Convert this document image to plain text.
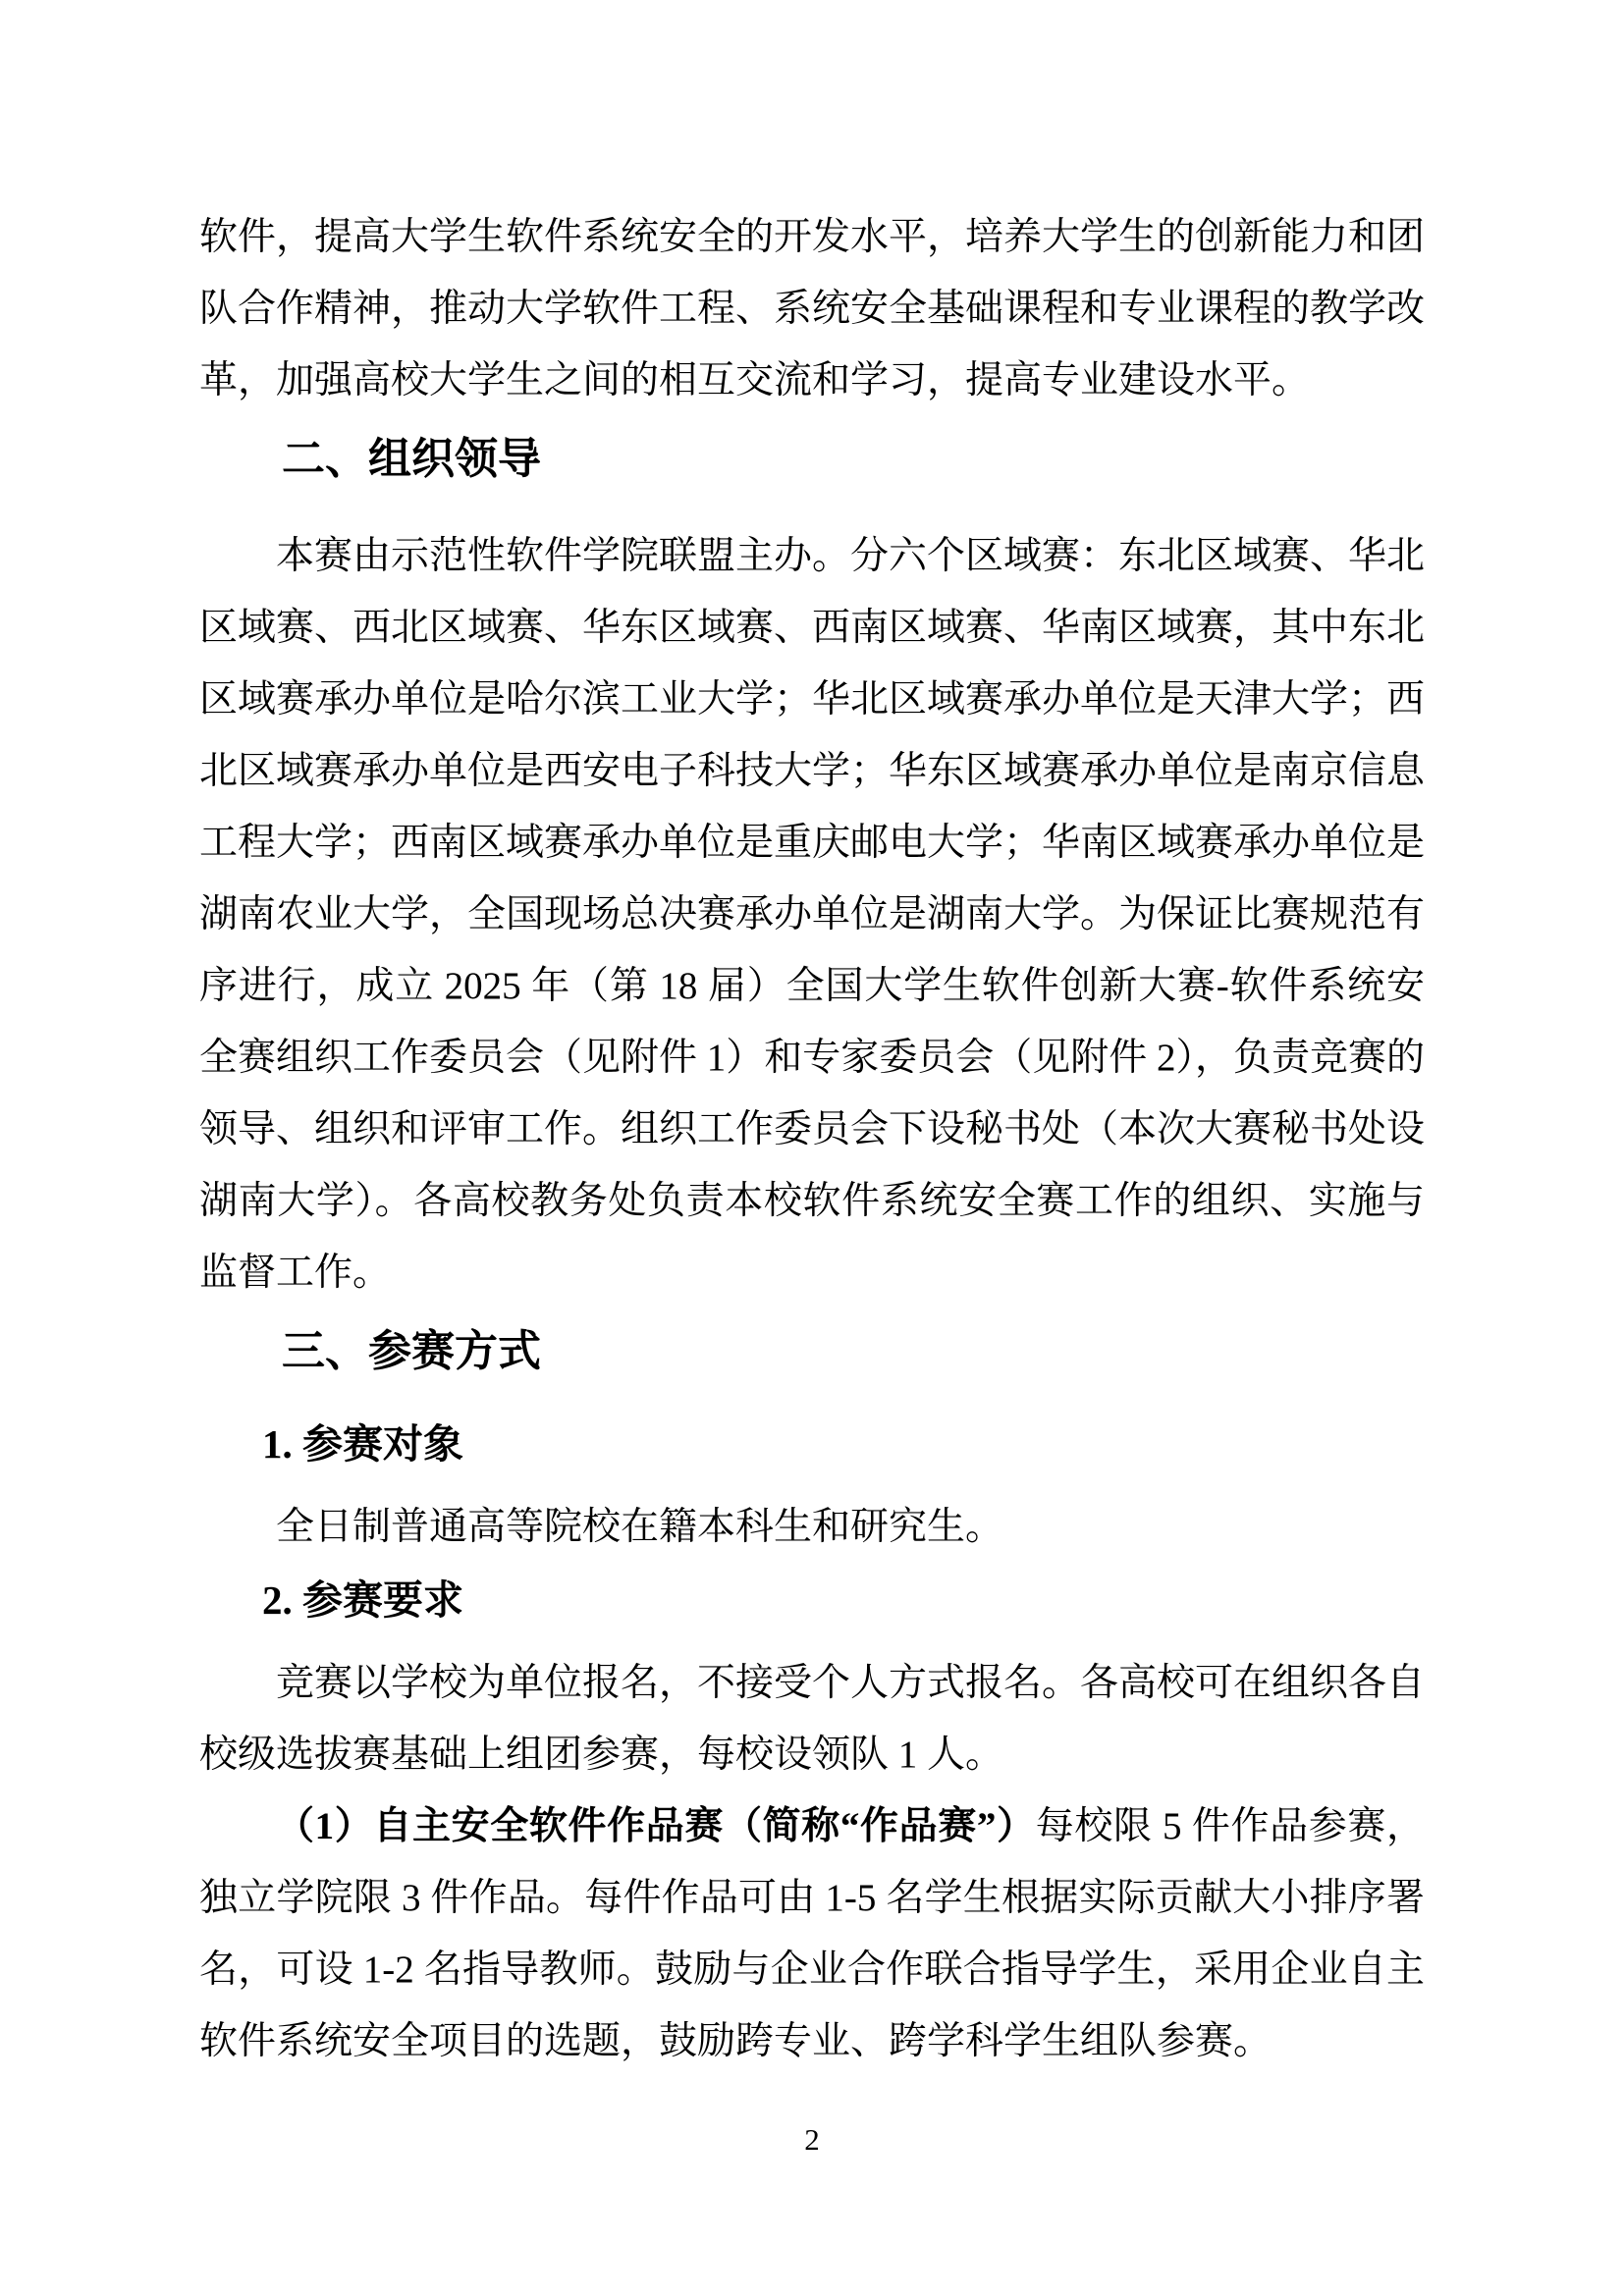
软件，提高大学生软件系统安全的开发水平，培养大学生的创新能力和团队合作精神，推动大学软件工程、系统安全基础课程和专业课程的教学改革，加强高校大学生之间的相互交流和学习，提高专业建设水平。

二、组织领导

本赛由示范性软件学院联盟主办。分六个区域赛：东北区域赛、华北区域赛、西北区域赛、华东区域赛、西南区域赛、华南区域赛，其中东北区域赛承办单位是哈尔滨工业大学；华北区域赛承办单位是天津大学；西北区域赛承办单位是西安电子科技大学；华东区域赛承办单位是南京信息工程大学；西南区域赛承办单位是重庆邮电大学；华南区域赛承办单位是湖南农业大学，全国现场总决赛承办单位是湖南大学。为保证比赛规范有序进行，成立 2025 年（第 18 届）全国大学生软件创新大赛-软件系统安全赛组织工作委员会（见附件 1）和专家委员会（见附件 2），负责竞赛的领导、组织和评审工作。组织工作委员会下设秘书处（本次大赛秘书处设湖南大学）。各高校教务处负责本校软件系统安全赛工作的组织、实施与监督工作。

三、参赛方式
1. 参赛对象

全日制普通高等院校在籍本科生和研究生。

2. 参赛要求

竞赛以学校为单位报名，不接受个人方式报名。各高校可在组织各自校级选拔赛基础上组团参赛，每校设领队 1 人。

（1）自主安全软件作品赛（简称“作品赛”）每校限 5 件作品参赛，独立学院限 3 件作品。每件作品可由 1-5 名学生根据实际贡献大小排序署名，可设 1-2 名指导教师。鼓励与企业合作联合指导学生，采用企业自主软件系统安全项目的选题，鼓励跨专业、跨学科学生组队参赛。

2
